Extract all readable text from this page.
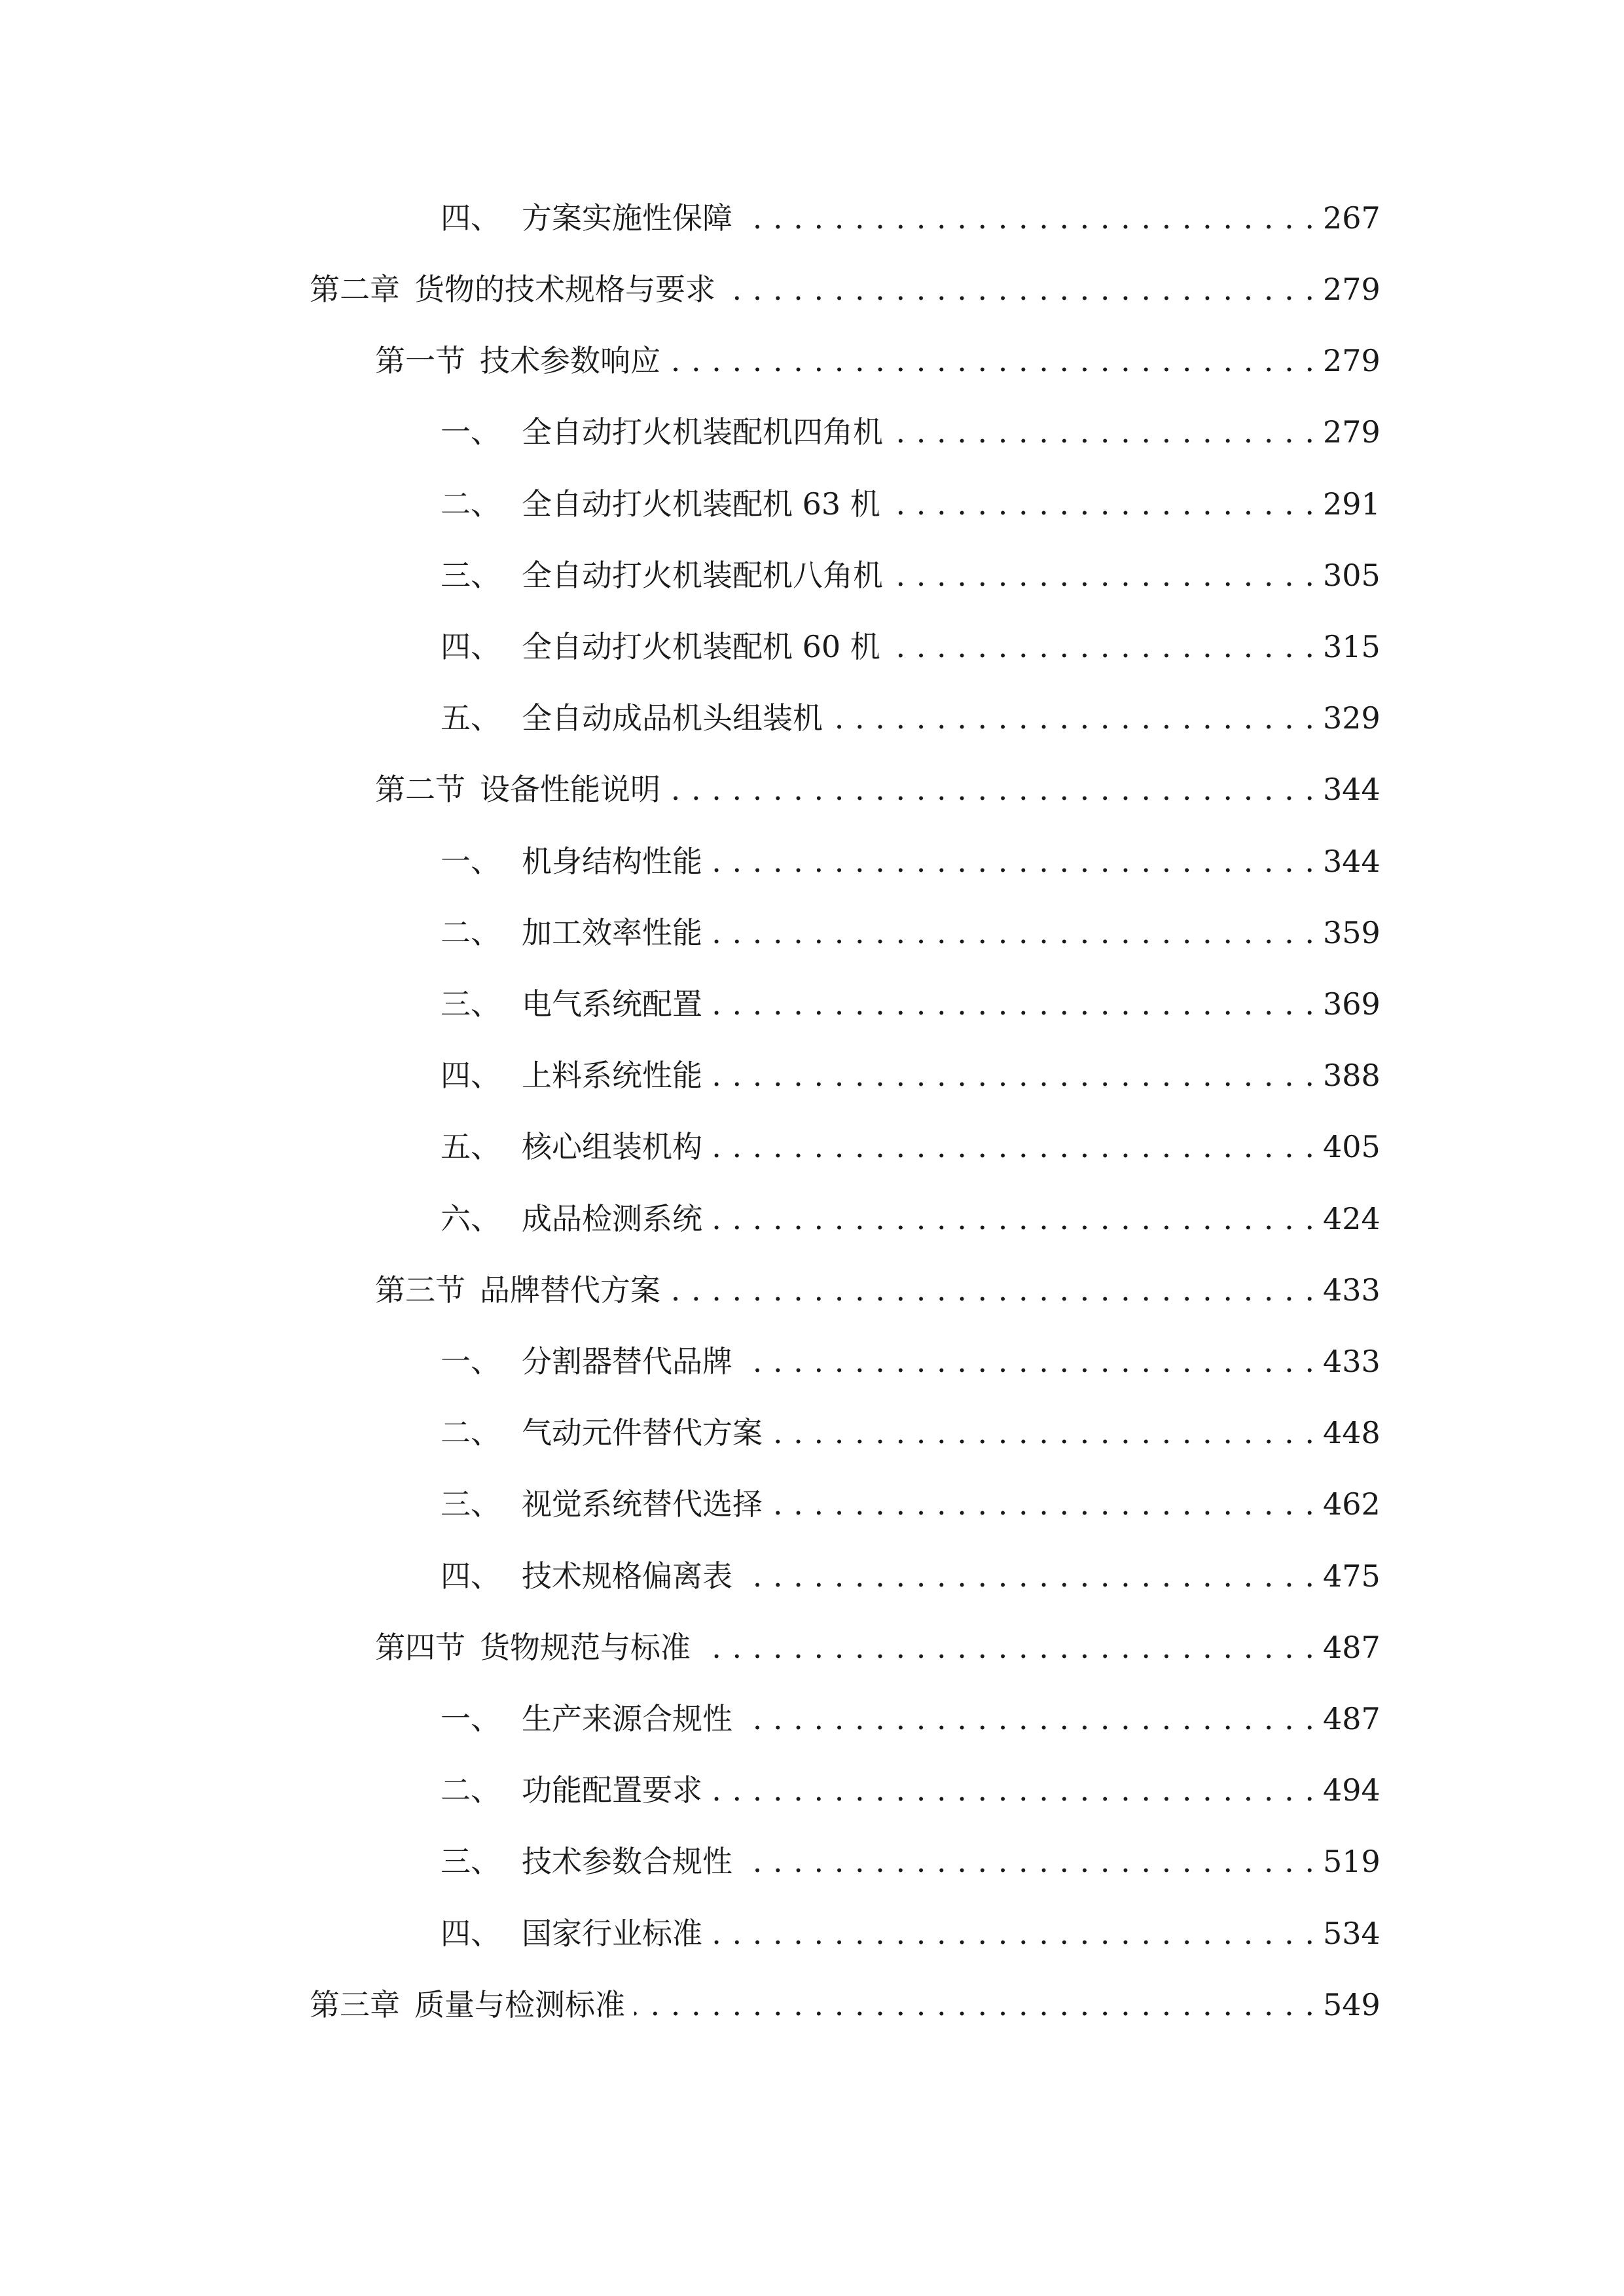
四、 方案实施性保障 . . .	267
第二章 货物的技术规格与要求 . . .	279
第一节 技术参数响应 . . .	279
一、 全自动打火机装配机四角机 . . .	279
二、 全自动打火机装配机 63 机 . . .	291
三、 全自动打火机装配机八角机 . . .	305
四、 全自动打火机装配机 60 机 . . .	315
五、 全自动成品机头组装机 . . .	329
第二节 设备性能说明 . . .	344
一、 机身结构性能 . . .	344
二、 加工效率性能 . . .	359
三、 电气系统配置 . . .	369
四、 上料系统性能 . . .	388
五、 核心组装机构 . . .	405
六、 成品检测系统 . . .	424
第三节 品牌替代方案 . . .	433
一、 分割器替代品牌 . . .	433
二、 气动元件替代方案 . . .	448
三、 视觉系统替代选择 . . .	462
四、 技术规格偏离表 . . .	475
第四节 货物规范与标准 . . .	487
一、 生产来源合规性 . . .	487
二、 功能配置要求 . . .	494
三、 技术参数合规性 . . .	519
四、 国家行业标准 . . .	534
第三章 质量与检测标准 . . .	549
